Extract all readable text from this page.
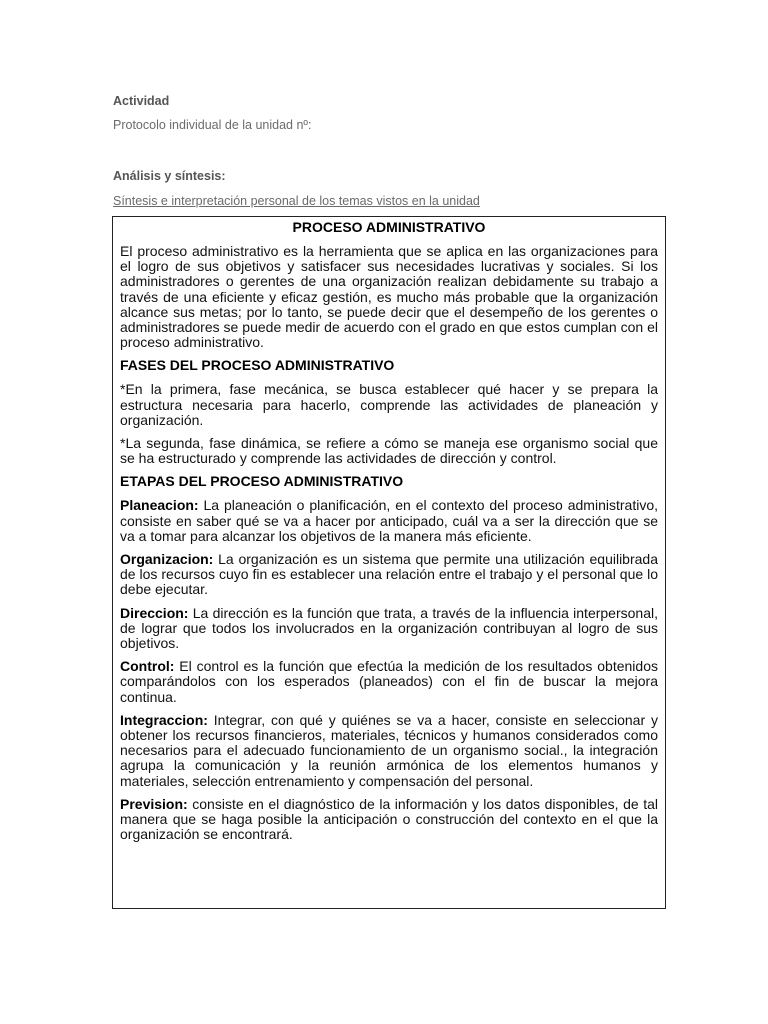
Actividad
Protocolo individual de la unidad nº:
Análisis y síntesis:
Síntesis e interpretación personal de los temas vistos en la unidad
PROCESO ADMINISTRATIVO

El proceso administrativo es la herramienta que se aplica en las organizaciones para el logro de sus objetivos y satisfacer sus necesidades lucrativas y sociales. Si los administradores o gerentes de una organización realizan debidamente su trabajo a través de una eficiente y eficaz gestión, es mucho más probable que la organización alcance sus metas; por lo tanto, se puede decir que el desempeño de los gerentes o administradores se puede medir de acuerdo con el grado en que estos cumplan con el proceso administrativo.

FASES DEL PROCESO ADMINISTRATIVO

*En la primera, fase mecánica, se busca establecer qué hacer y se prepara la estructura necesaria para hacerlo, comprende las actividades de planeación y organización.

*La segunda, fase dinámica, se refiere a cómo se maneja ese organismo social que se ha estructurado y comprende las actividades de dirección y control.

ETAPAS DEL PROCESO ADMINISTRATIVO

Planeacion: La planeación o planificación, en el contexto del proceso administrativo, consiste en saber qué se va a hacer por anticipado, cuál va a ser la dirección que se va a tomar para alcanzar los objetivos de la manera más eficiente.

Organizacion: La organización es un sistema que permite una utilización equilibrada de los recursos cuyo fin es establecer una relación entre el trabajo y el personal que lo debe ejecutar.

Direccion: La dirección es la función que trata, a través de la influencia interpersonal, de lograr que todos los involucrados en la organización contribuyan al logro de sus objetivos.

Control: El control es la función que efectúa la medición de los resultados obtenidos comparándolos con los esperados (planeados) con el fin de buscar la mejora continua.

Integraccion: Integrar, con qué y quiénes se va a hacer, consiste en seleccionar y obtener los recursos financieros, materiales, técnicos y humanos considerados como necesarios para el adecuado funcionamiento de un organismo social., la integración agrupa la comunicación y la reunión armónica de los elementos humanos y materiales, selección entrenamiento y compensación del personal.

Prevision: consiste en el diagnóstico de la información y los datos disponibles, de tal manera que se haga posible la anticipación o construcción del contexto en el que la organización se encontrará.
